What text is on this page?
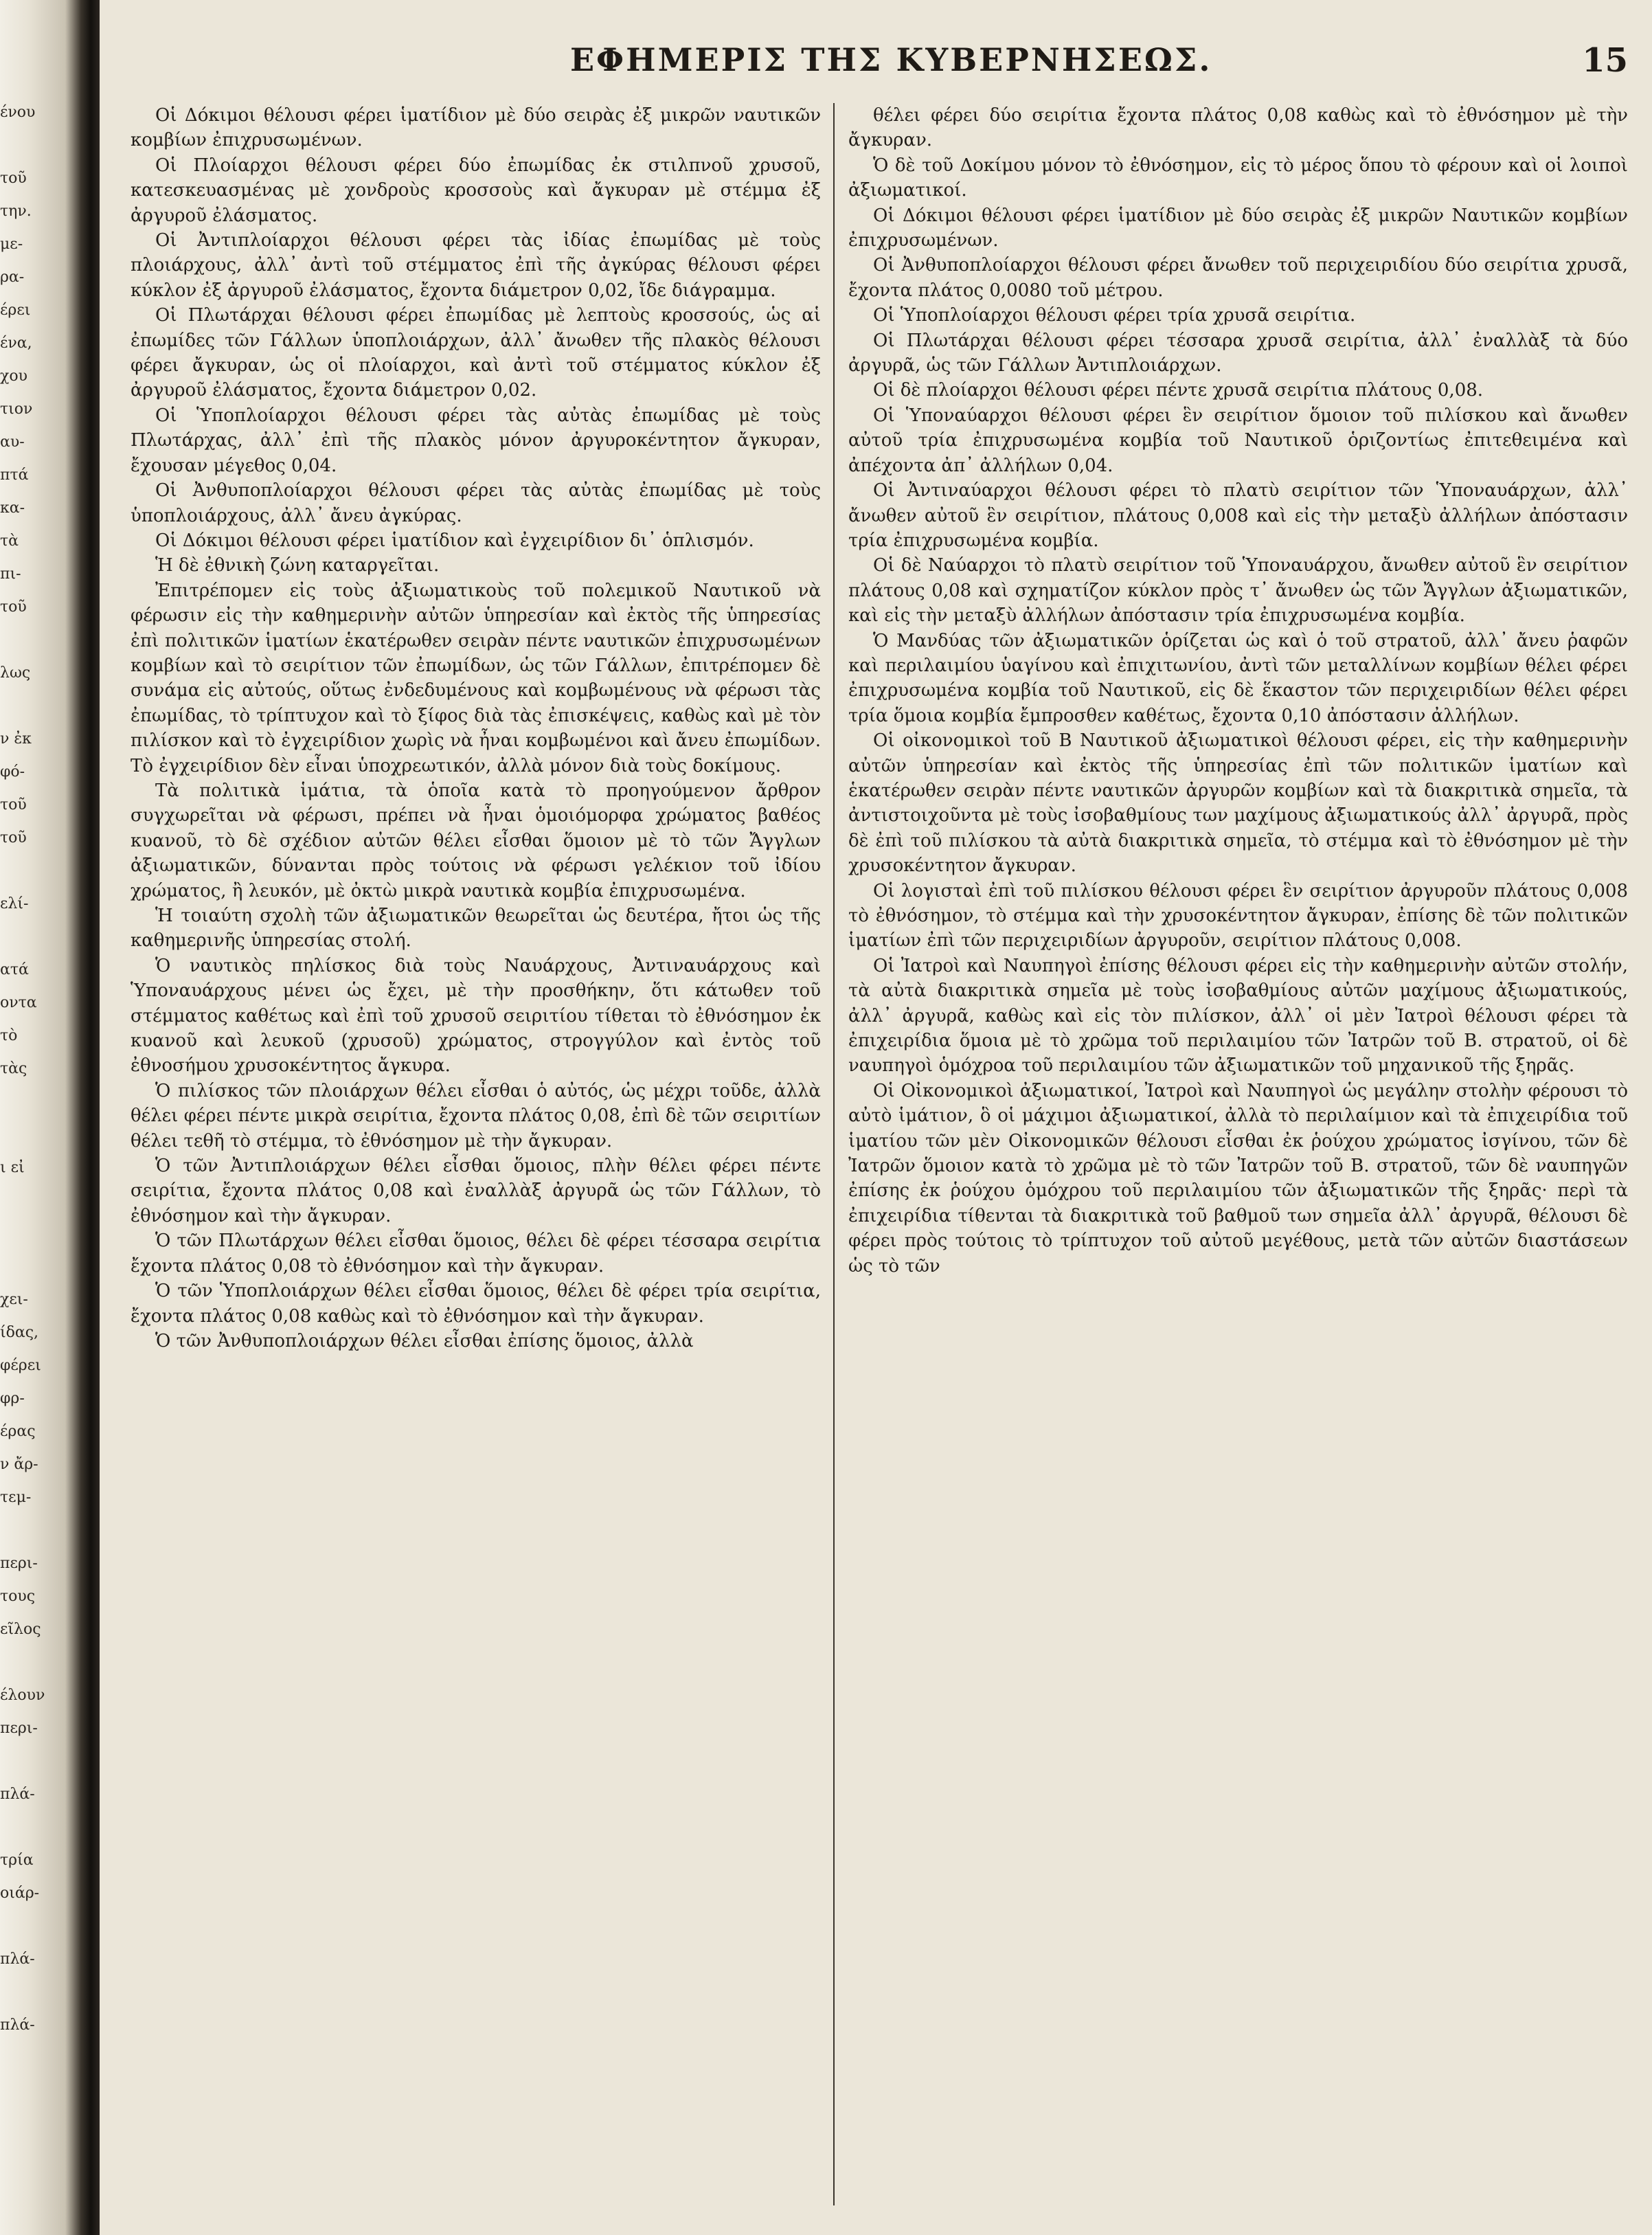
ένου
τοῦ
την.
με-
ρα-
έρει
ένα,
χου
τιον
αυ-
πτά
κα-
τὰ
πι-
τοῦ
λως
ν ἐκ
φό-
τοῦ
τοῦ
ελί-
ατά
οντα
τὸ
τὰς
ι εἰ
χει-
ίδας,
φέρει
φρ-
έρας
ν ἄρ-
τεμ-
περι-
τους
εῖλος
έλουν
περι-
πλά-
τρία
οιάρ-
πλά-
πλά-
ΕΦΗΜΕΡΙΣ ΤΗΣ ΚΥΒΕΡΝΗΣΕΩΣ.	15

Οἱ Δόκιμοι θέλουσι φέρει ἱματίδιον μὲ δύο σειρὰς ἐξ μικρῶν ναυτικῶν κομβίων ἐπιχρυσωμένων.

Οἱ Πλοίαρχοι θέλουσι φέρει δύο ἐπωμίδας ἐκ στιλπνοῦ χρυσοῦ, κατεσκευασμένας μὲ χονδροὺς κροσσοὺς καὶ ἄγκυραν μὲ στέμμα ἐξ ἀργυροῦ ἐλάσματος.

Οἱ Ἀντιπλοίαρχοι θέλουσι φέρει τὰς ἰδίας ἐπωμίδας μὲ τοὺς πλοιάρχους, ἀλλ᾽ ἀντὶ τοῦ στέμματος ἐπὶ τῆς ἀγκύρας θέλουσι φέρει κύκλον ἐξ ἀργυροῦ ἐλάσματος, ἔχοντα διάμετρον 0,02, ἴδε διάγραμμα.

Οἱ Πλωτάρχαι θέλουσι φέρει ἐπωμίδας μὲ λεπτοὺς κροσσούς, ὡς αἱ ἐπωμίδες τῶν Γάλλων ὑποπλοιάρχων, ἀλλ᾽ ἄνωθεν τῆς πλακὸς θέλουσι φέρει ἄγκυραν, ὡς οἱ πλοίαρχοι, καὶ ἀντὶ τοῦ στέμματος κύκλον ἐξ ἀργυροῦ ἐλάσματος, ἔχοντα διάμετρον 0,02.

Οἱ Ὑποπλοίαρχοι θέλουσι φέρει τὰς αὐτὰς ἐπωμίδας μὲ τοὺς Πλωτάρχας, ἀλλ᾽ ἐπὶ τῆς πλακὸς μόνον ἀργυροκέντητον ἄγκυραν, ἔχουσαν μέγεθος 0,04.

Οἱ Ἀνθυποπλοίαρχοι θέλουσι φέρει τὰς αὐτὰς ἐπωμίδας μὲ τοὺς ὑποπλοιάρχους, ἀλλ᾽ ἄνευ ἀγκύρας.

Οἱ Δόκιμοι θέλουσι φέρει ἱματίδιον καὶ ἐγχειρίδιον δι᾽ ὁπλισμόν.

Ἡ δὲ ἐθνικὴ ζώνη καταργεῖται.

Ἐπιτρέπομεν εἰς τοὺς ἀξιωματικοὺς τοῦ πολεμικοῦ Ναυτικοῦ νὰ φέρωσιν εἰς τὴν καθημερινὴν αὐτῶν ὑπηρεσίαν καὶ ἐκτὸς τῆς ὑπηρεσίας ἐπὶ πολιτικῶν ἱματίων ἑκατέρωθεν σειρὰν πέντε ναυτικῶν ἐπιχρυσωμένων κομβίων καὶ τὸ σειρίτιον τῶν ἐπωμίδων, ὡς τῶν Γάλλων, ἐπιτρέπομεν δὲ συνάμα εἰς αὐτούς, οὕτως ἐνδεδυμένους καὶ κομβωμένους νὰ φέρωσι τὰς ἐπωμίδας, τὸ τρίπτυχον καὶ τὸ ξίφος διὰ τὰς ἐπισκέψεις, καθὼς καὶ μὲ τὸν πιλίσκον καὶ τὸ ἐγχειρίδιον χωρὶς νὰ ἦναι κομβωμένοι καὶ ἄνευ ἐπωμίδων. Τὸ ἐγχειρίδιον δὲν εἶναι ὑποχρεωτικόν, ἀλλὰ μόνον διὰ τοὺς δοκίμους.

Τὰ πολιτικὰ ἱμάτια, τὰ ὁποῖα κατὰ τὸ προηγούμενον ἄρθρον συγχωρεῖται νὰ φέρωσι, πρέπει νὰ ἦναι ὁμοιόμορφα χρώματος βαθέος κυανοῦ, τὸ δὲ σχέδιον αὐτῶν θέλει εἶσθαι ὅμοιον μὲ τὸ τῶν Ἄγγλων ἀξιωματικῶν, δύνανται πρὸς τούτοις νὰ φέρωσι γελέκιον τοῦ ἰδίου χρώματος, ἢ λευκόν, μὲ ὀκτὼ μικρὰ ναυτικὰ κομβία ἐπιχρυσωμένα.

Ἡ τοιαύτη σχολὴ τῶν ἀξιωματικῶν θεωρεῖται ὡς δευτέρα, ἤτοι ὡς τῆς καθημερινῆς ὑπηρεσίας στολή.

Ὁ ναυτικὸς πηλίσκος διὰ τοὺς Ναυάρχους, Ἀντιναυάρχους καὶ Ὑποναυάρχους μένει ὡς ἔχει, μὲ τὴν προσθήκην, ὅτι κάτωθεν τοῦ στέμματος καθέτως καὶ ἐπὶ τοῦ χρυσοῦ σειριτίου τίθεται τὸ ἐθνόσημον ἐκ κυανοῦ καὶ λευκοῦ (χρυσοῦ) χρώματος, στρογγύλον καὶ ἐντὸς τοῦ ἐθνοσήμου χρυσοκέντητος ἄγκυρα.

Ὁ πιλίσκος τῶν πλοιάρχων θέλει εἶσθαι ὁ αὐτός, ὡς μέχρι τοῦδε, ἀλλὰ θέλει φέρει πέντε μικρὰ σειρίτια, ἔχοντα πλάτος 0,08, ἐπὶ δὲ τῶν σειριτίων θέλει τεθῆ τὸ στέμμα, τὸ ἐθνόσημον μὲ τὴν ἄγκυραν.

Ὁ τῶν Ἀντιπλοιάρχων θέλει εἶσθαι ὅμοιος, πλὴν θέλει φέρει πέντε σειρίτια, ἔχοντα πλάτος 0,08 καὶ ἐναλλὰξ ἀργυρᾶ ὡς τῶν Γάλλων, τὸ ἐθνόσημον καὶ τὴν ἄγκυραν.

Ὁ τῶν Πλωτάρχων θέλει εἶσθαι ὅμοιος, θέλει δὲ φέρει τέσσαρα σειρίτια ἔχοντα πλάτος 0,08 τὸ ἐθνόσημον καὶ τὴν ἄγκυραν.

Ὁ τῶν Ὑποπλοιάρχων θέλει εἶσθαι ὅμοιος, θέλει δὲ φέρει τρία σειρίτια, ἔχοντα πλάτος 0,08 καθὼς καὶ τὸ ἐθνόσημον καὶ τὴν ἄγκυραν.

Ὁ τῶν Ἀνθυποπλοιάρχων θέλει εἶσθαι ἐπίσης ὅμοιος, ἀλλὰ

θέλει φέρει δύο σειρίτια ἔχοντα πλάτος 0,08 καθὼς καὶ τὸ ἐθνόσημον μὲ τὴν ἄγκυραν.

Ὁ δὲ τοῦ Δοκίμου μόνον τὸ ἐθνόσημον, εἰς τὸ μέρος ὅπου τὸ φέρουν καὶ οἱ λοιποὶ ἀξιωματικοί.

Οἱ Δόκιμοι θέλουσι φέρει ἱματίδιον μὲ δύο σειρὰς ἐξ μικρῶν Ναυτικῶν κομβίων ἐπιχρυσωμένων.

Οἱ Ἀνθυποπλοίαρχοι θέλουσι φέρει ἄνωθεν τοῦ περιχειριδίου δύο σειρίτια χρυσᾶ, ἔχοντα πλάτος 0,0080 τοῦ μέτρου.

Οἱ Ὑποπλοίαρχοι θέλουσι φέρει τρία χρυσᾶ σειρίτια.

Οἱ Πλωτάρχαι θέλουσι φέρει τέσσαρα χρυσᾶ σειρίτια, ἀλλ᾽ ἐναλλὰξ τὰ δύο ἀργυρᾶ, ὡς τῶν Γάλλων Ἀντιπλοιάρχων.

Οἱ δὲ πλοίαρχοι θέλουσι φέρει πέντε χρυσᾶ σειρίτια πλάτους 0,08.

Οἱ Ὑποναύαρχοι θέλουσι φέρει ἓν σειρίτιον ὅμοιον τοῦ πιλίσκου καὶ ἄνωθεν αὐτοῦ τρία ἐπιχρυσωμένα κομβία τοῦ Ναυτικοῦ ὁριζοντίως ἐπιτεθειμένα καὶ ἀπέχοντα ἀπ᾽ ἀλλήλων 0,04.

Οἱ Ἀντιναύαρχοι θέλουσι φέρει τὸ πλατὺ σειρίτιον τῶν Ὑποναυάρχων, ἀλλ᾽ ἄνωθεν αὐτοῦ ἓν σειρίτιον, πλάτους 0,008 καὶ εἰς τὴν μεταξὺ ἀλλήλων ἀπόστασιν τρία ἐπιχρυσωμένα κομβία.

Οἱ δὲ Ναύαρχοι τὸ πλατὺ σειρίτιον τοῦ Ὑποναυάρχου, ἄνωθεν αὐτοῦ ἓν σειρίτιον πλάτους 0,08 καὶ σχηματίζον κύκλον πρὸς τ᾽ ἄνωθεν ὡς τῶν Ἄγγλων ἀξιωματικῶν, καὶ εἰς τὴν μεταξὺ ἀλλήλων ἀπόστασιν τρία ἐπιχρυσωμένα κομβία.

Ὁ Μανδύας τῶν ἀξιωματικῶν ὁρίζεται ὡς καὶ ὁ τοῦ στρατοῦ, ἀλλ᾽ ἄνευ ῥαφῶν καὶ περιλαιμίου ὑαγίνου καὶ ἐπιχιτωνίου, ἀντὶ τῶν μεταλλίνων κομβίων θέλει φέρει ἐπιχρυσωμένα κομβία τοῦ Ναυτικοῦ, εἰς δὲ ἕκαστον τῶν περιχειριδίων θέλει φέρει τρία ὅμοια κομβία ἔμπροσθεν καθέτως, ἔχοντα 0,10 ἀπόστασιν ἀλλήλων.

Οἱ οἰκονομικοὶ τοῦ Β Ναυτικοῦ ἀξιωματικοὶ θέλουσι φέρει, εἰς τὴν καθημερινὴν αὐτῶν ὑπηρεσίαν καὶ ἐκτὸς τῆς ὑπηρεσίας ἐπὶ τῶν πολιτικῶν ἱματίων καὶ ἑκατέρωθεν σειρὰν πέντε ναυτικῶν ἀργυρῶν κομβίων καὶ τὰ διακριτικὰ σημεῖα, τὰ ἀντιστοιχοῦντα μὲ τοὺς ἰσοβαθμίους των μαχίμους ἀξιωματικούς ἀλλ᾽ ἀργυρᾶ, πρὸς δὲ ἐπὶ τοῦ πιλίσκου τὰ αὐτὰ διακριτικὰ σημεῖα, τὸ στέμμα καὶ τὸ ἐθνόσημον μὲ τὴν χρυσοκέντητον ἄγκυραν.

Οἱ λογισταὶ ἐπὶ τοῦ πιλίσκου θέλουσι φέρει ἓν σειρίτιον ἀργυροῦν πλάτους 0,008 τὸ ἐθνόσημον, τὸ στέμμα καὶ τὴν χρυσοκέντητον ἄγκυραν, ἐπίσης δὲ τῶν πολιτικῶν ἱματίων ἐπὶ τῶν περιχειριδίων ἀργυροῦν, σειρίτιον πλάτους 0,008.

Οἱ Ἰατροὶ καὶ Ναυπηγοὶ ἐπίσης θέλουσι φέρει εἰς τὴν καθημερινὴν αὐτῶν στολήν, τὰ αὐτὰ διακριτικὰ σημεῖα μὲ τοὺς ἰσοβαθμίους αὐτῶν μαχίμους ἀξιωματικούς, ἀλλ᾽ ἀργυρᾶ, καθὼς καὶ εἰς τὸν πιλίσκον, ἀλλ᾽ οἱ μὲν Ἰατροὶ θέλουσι φέρει τὰ ἐπιχειρίδια ὅμοια μὲ τὸ χρῶμα τοῦ περιλαιμίου τῶν Ἰατρῶν τοῦ Β. στρατοῦ, οἱ δὲ ναυπηγοὶ ὁμόχροα τοῦ περιλαιμίου τῶν ἀξιωματικῶν τοῦ μηχανικοῦ τῆς ξηρᾶς.

Οἱ Οἰκονομικοὶ ἀξιωματικοί, Ἰατροὶ καὶ Ναυπηγοὶ ὡς μεγάλην στολὴν φέρουσι τὸ αὐτὸ ἱμάτιον, ὃ οἱ μάχιμοι ἀξιωματικοί, ἀλλὰ τὸ περιλαίμιον καὶ τὰ ἐπιχειρίδια τοῦ ἱματίου τῶν μὲν Οἰκονομικῶν θέλουσι εἶσθαι ἐκ ῥούχου χρώματος ἰσγίνου, τῶν δὲ Ἰατρῶν ὅμοιον κατὰ τὸ χρῶμα μὲ τὸ τῶν Ἰατρῶν τοῦ Β. στρατοῦ, τῶν δὲ ναυπηγῶν ἐπίσης ἐκ ῥούχου ὁμόχρου τοῦ περιλαιμίου τῶν ἀξιωματικῶν τῆς ξηρᾶς· περὶ τὰ ἐπιχειρίδια τίθενται τὰ διακριτικὰ τοῦ βαθμοῦ των σημεῖα ἀλλ᾽ ἀργυρᾶ, θέλουσι δὲ φέρει πρὸς τούτοις τὸ τρίπτυχον τοῦ αὐτοῦ μεγέθους, μετὰ τῶν αὐτῶν διαστάσεων ὡς τὸ τῶν
